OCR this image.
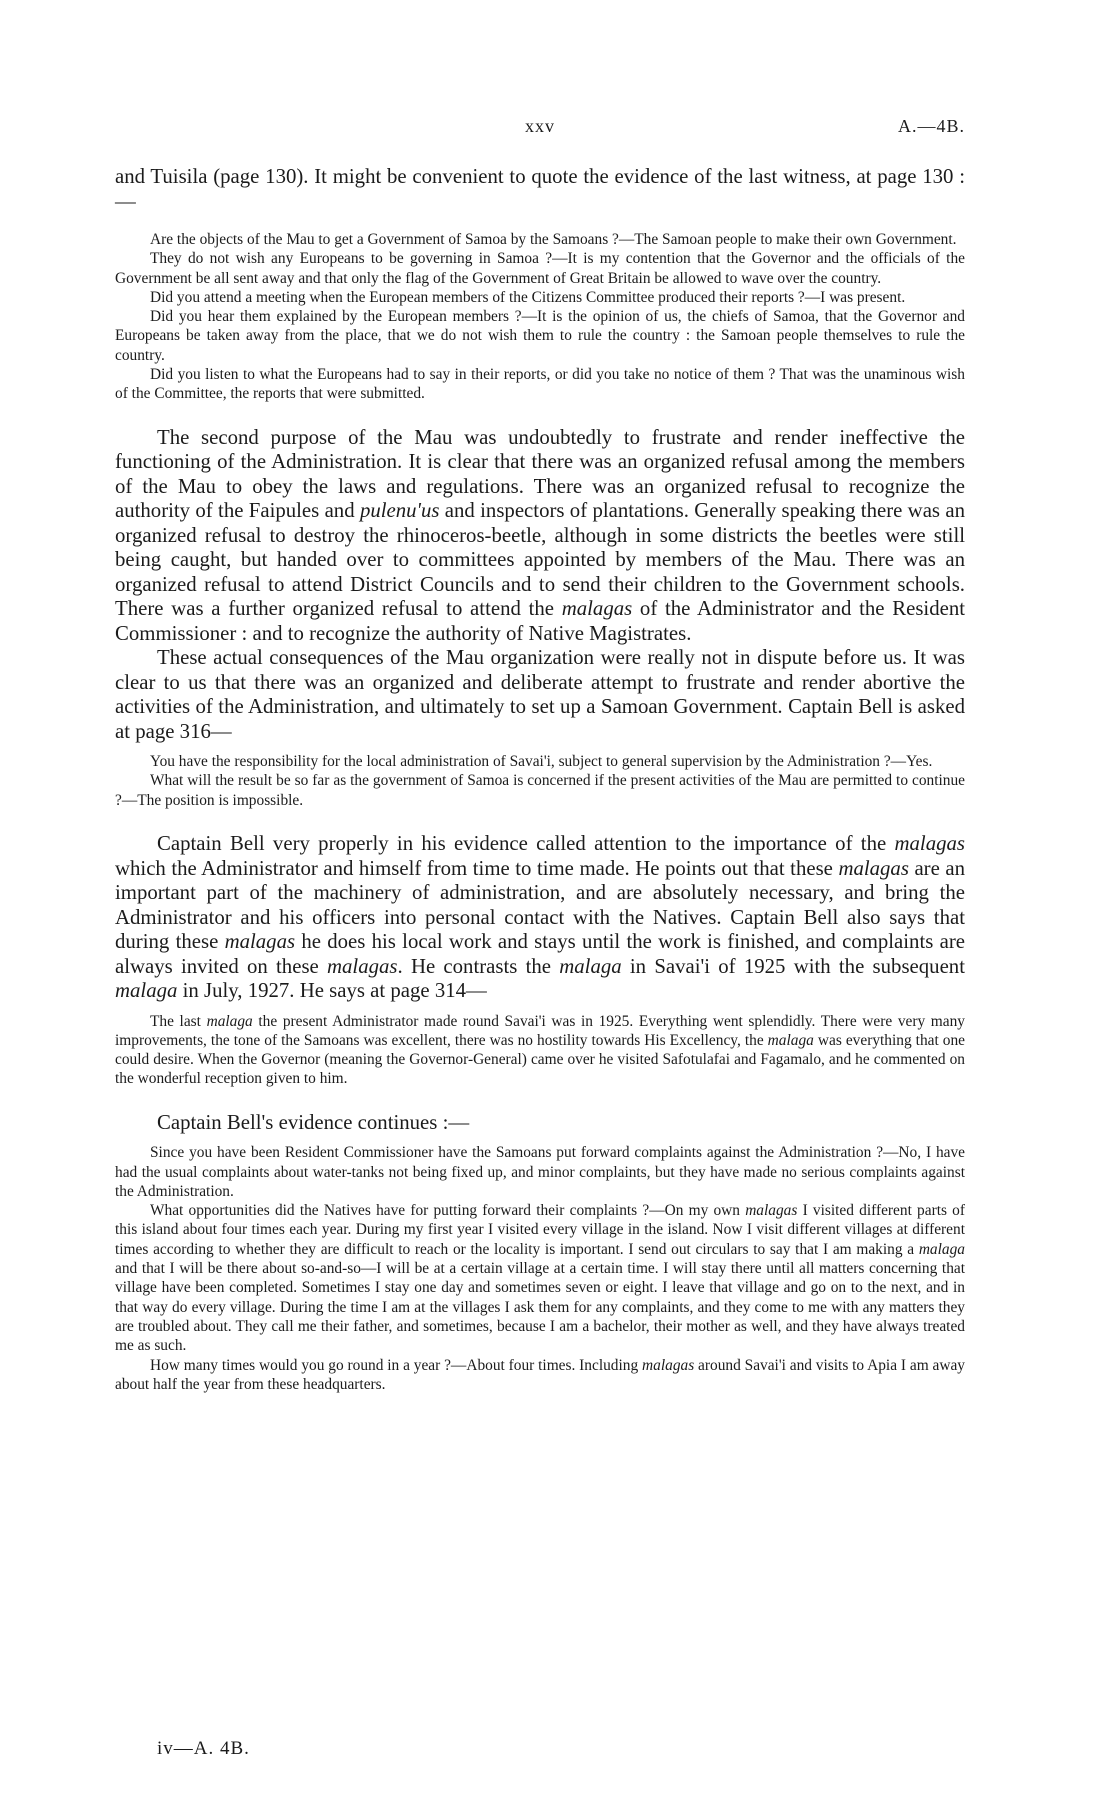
xxv	A.—4B.

and Tuisila (page 130). It might be convenient to quote the evidence of the last witness, at page 130 :—

Are the objects of the Mau to get a Government of Samoa by the Samoans ?—The Samoan people to make their own Government.

They do not wish any Europeans to be governing in Samoa ?—It is my contention that the Governor and the officials of the Government be all sent away and that only the flag of the Government of Great Britain be allowed to wave over the country.

Did you attend a meeting when the European members of the Citizens Committee produced their reports ?—I was present.

Did you hear them explained by the European members ?—It is the opinion of us, the chiefs of Samoa, that the Governor and Europeans be taken away from the place, that we do not wish them to rule the country : the Samoan people themselves to rule the country.

Did you listen to what the Europeans had to say in their reports, or did you take no notice of them ? That was the unaminous wish of the Committee, the reports that were submitted.

The second purpose of the Mau was undoubtedly to frustrate and render ineffective the functioning of the Administration. It is clear that there was an organized refusal among the members of the Mau to obey the laws and regulations. There was an organized refusal to recognize the authority of the Faipules and pulenu'us and inspectors of plantations. Generally speaking there was an organized refusal to destroy the rhinoceros-beetle, although in some districts the beetles were still being caught, but handed over to committees appointed by members of the Mau. There was an organized refusal to attend District Councils and to send their children to the Government schools. There was a further organized refusal to attend the malagas of the Administrator and the Resident Commissioner : and to recognize the authority of Native Magistrates.

These actual consequences of the Mau organization were really not in dispute before us. It was clear to us that there was an organized and deliberate attempt to frustrate and render abortive the activities of the Administration, and ultimately to set up a Samoan Government. Captain Bell is asked at page 316—

You have the responsibility for the local administration of Savai'i, subject to general supervision by the Administration ?—Yes.

What will the result be so far as the government of Samoa is concerned if the present activities of the Mau are permitted to continue ?—The position is impossible.

Captain Bell very properly in his evidence called attention to the importance of the malagas which the Administrator and himself from time to time made. He points out that these malagas are an important part of the machinery of administration, and are absolutely necessary, and bring the Administrator and his officers into personal contact with the Natives. Captain Bell also says that during these malagas he does his local work and stays until the work is finished, and complaints are always invited on these malagas. He contrasts the malaga in Savai'i of 1925 with the subsequent malaga in July, 1927. He says at page 314—

The last malaga the present Administrator made round Savai'i was in 1925. Everything went splendidly. There were very many improvements, the tone of the Samoans was excellent, there was no hostility towards His Excellency, the malaga was everything that one could desire. When the Governor (meaning the Governor-General) came over he visited Safotulafai and Fagamalo, and he commented on the wonderful reception given to him.

Captain Bell's evidence continues :—

Since you have been Resident Commissioner have the Samoans put forward complaints against the Administration ?—No, I have had the usual complaints about water-tanks not being fixed up, and minor complaints, but they have made no serious complaints against the Administration.

What opportunities did the Natives have for putting forward their complaints ?—On my own malagas I visited different parts of this island about four times each year. During my first year I visited every village in the island. Now I visit different villages at different times according to whether they are difficult to reach or the locality is important. I send out circulars to say that I am making a malaga and that I will be there about so-and-so—I will be at a certain village at a certain time. I will stay there until all matters concerning that village have been completed. Sometimes I stay one day and sometimes seven or eight. I leave that village and go on to the next, and in that way do every village. During the time I am at the villages I ask them for any complaints, and they come to me with any matters they are troubled about. They call me their father, and sometimes, because I am a bachelor, their mother as well, and they have always treated me as such.

How many times would you go round in a year ?—About four times. Including malagas around Savai'i and visits to Apia I am away about half the year from these headquarters.

iv—A. 4B.
